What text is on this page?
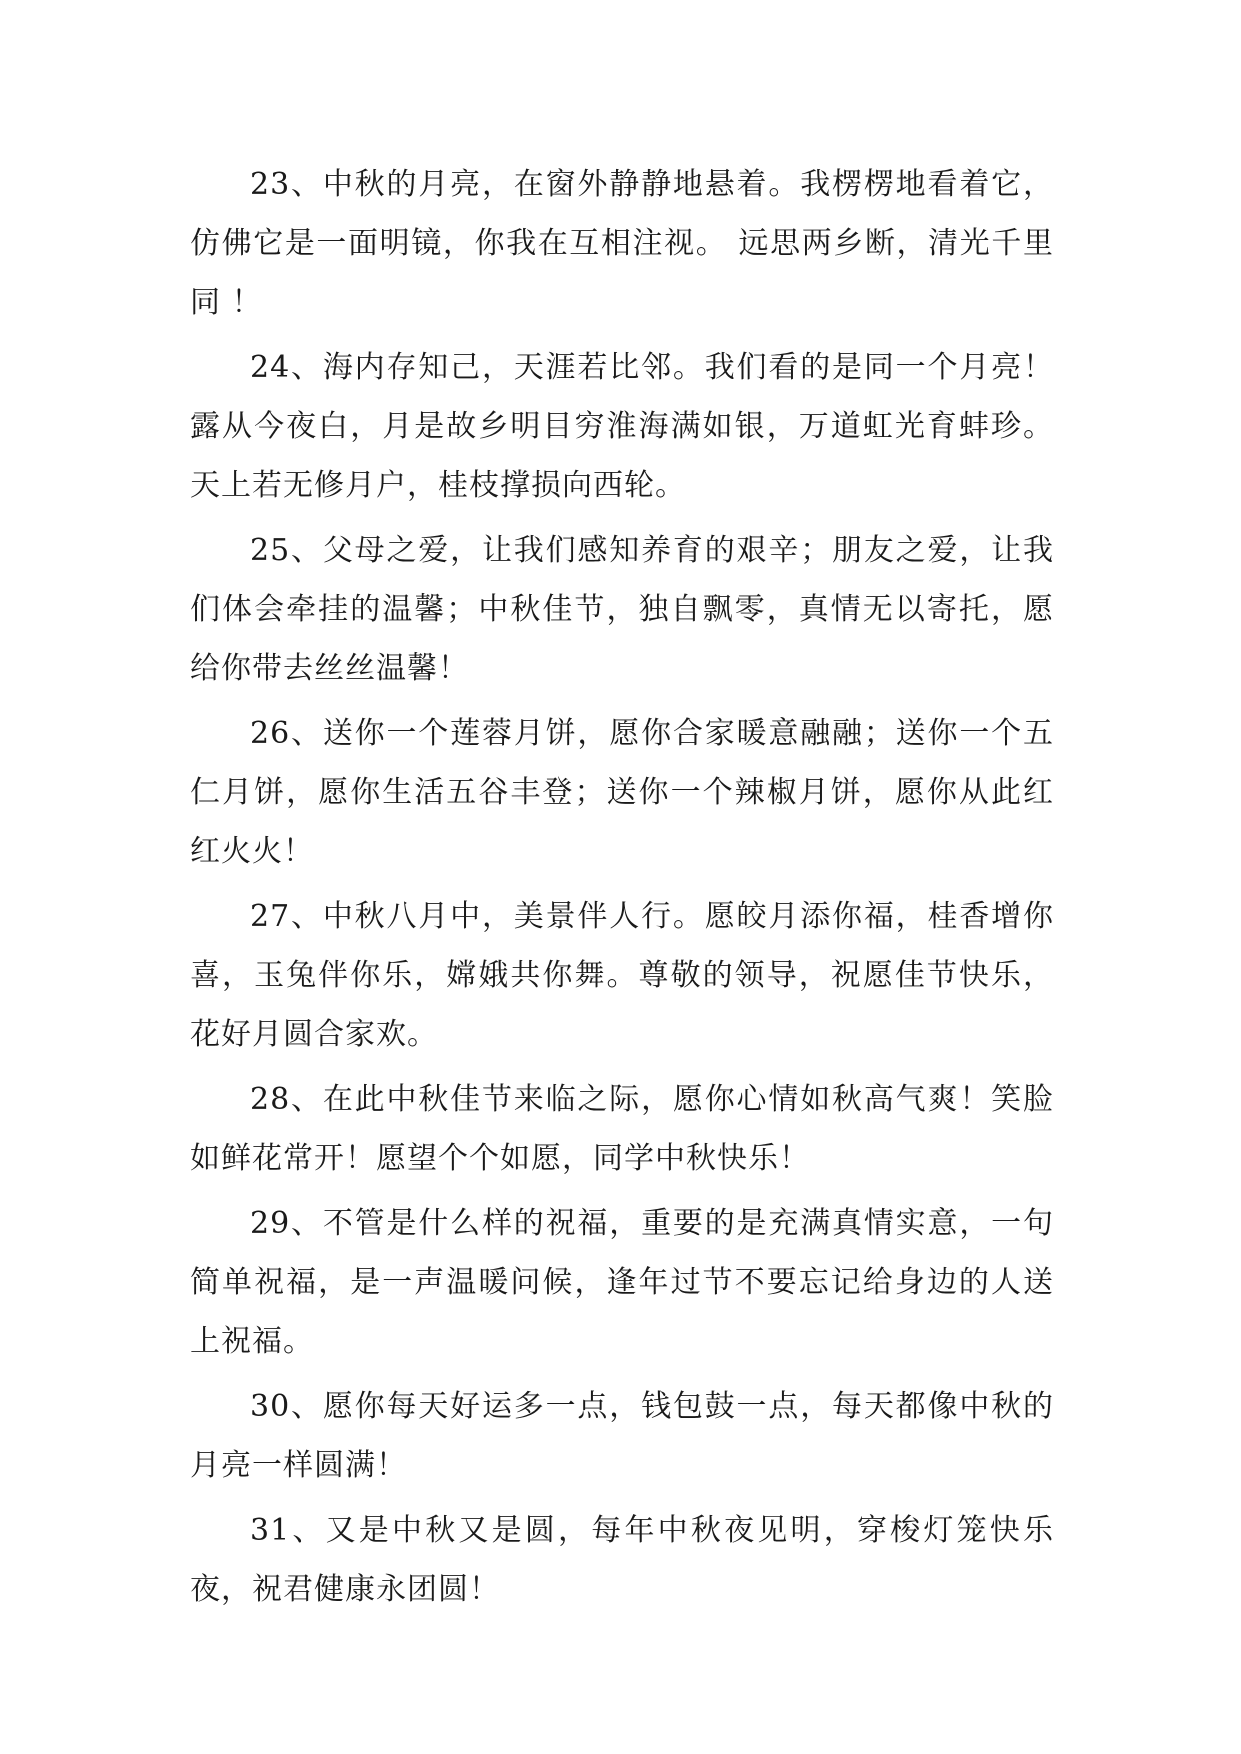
23、中秋的月亮，在窗外静静地悬着。我楞楞地看着它，仿佛它是一面明镜，你我在互相注视。 远思两乡断，清光千里同 ！

24、海内存知己，天涯若比邻。我们看的是同一个月亮！露从今夜白，月是故乡明目穷淮海满如银，万道虹光育蚌珍。天上若无修月户，桂枝撑损向西轮。

25、父母之爱，让我们感知养育的艰辛；朋友之爱，让我们体会牵挂的温馨；中秋佳节，独自飘零，真情无以寄托，愿给你带去丝丝温馨！

26、送你一个莲蓉月饼，愿你合家暖意融融；送你一个五仁月饼，愿你生活五谷丰登；送你一个辣椒月饼，愿你从此红红火火！

27、中秋八月中，美景伴人行。愿皎月添你福，桂香增你喜，玉兔伴你乐，嫦娥共你舞。尊敬的领导，祝愿佳节快乐，花好月圆合家欢。

28、在此中秋佳节来临之际，愿你心情如秋高气爽！笑脸如鲜花常开！愿望个个如愿，同学中秋快乐！

29、不管是什么样的祝福，重要的是充满真情实意，一句简单祝福，是一声温暖问候，逢年过节不要忘记给身边的人送上祝福。

30、愿你每天好运多一点，钱包鼓一点，每天都像中秋的月亮一样圆满！

31、又是中秋又是圆，每年中秋夜见明，穿梭灯笼快乐夜，祝君健康永团圆！
